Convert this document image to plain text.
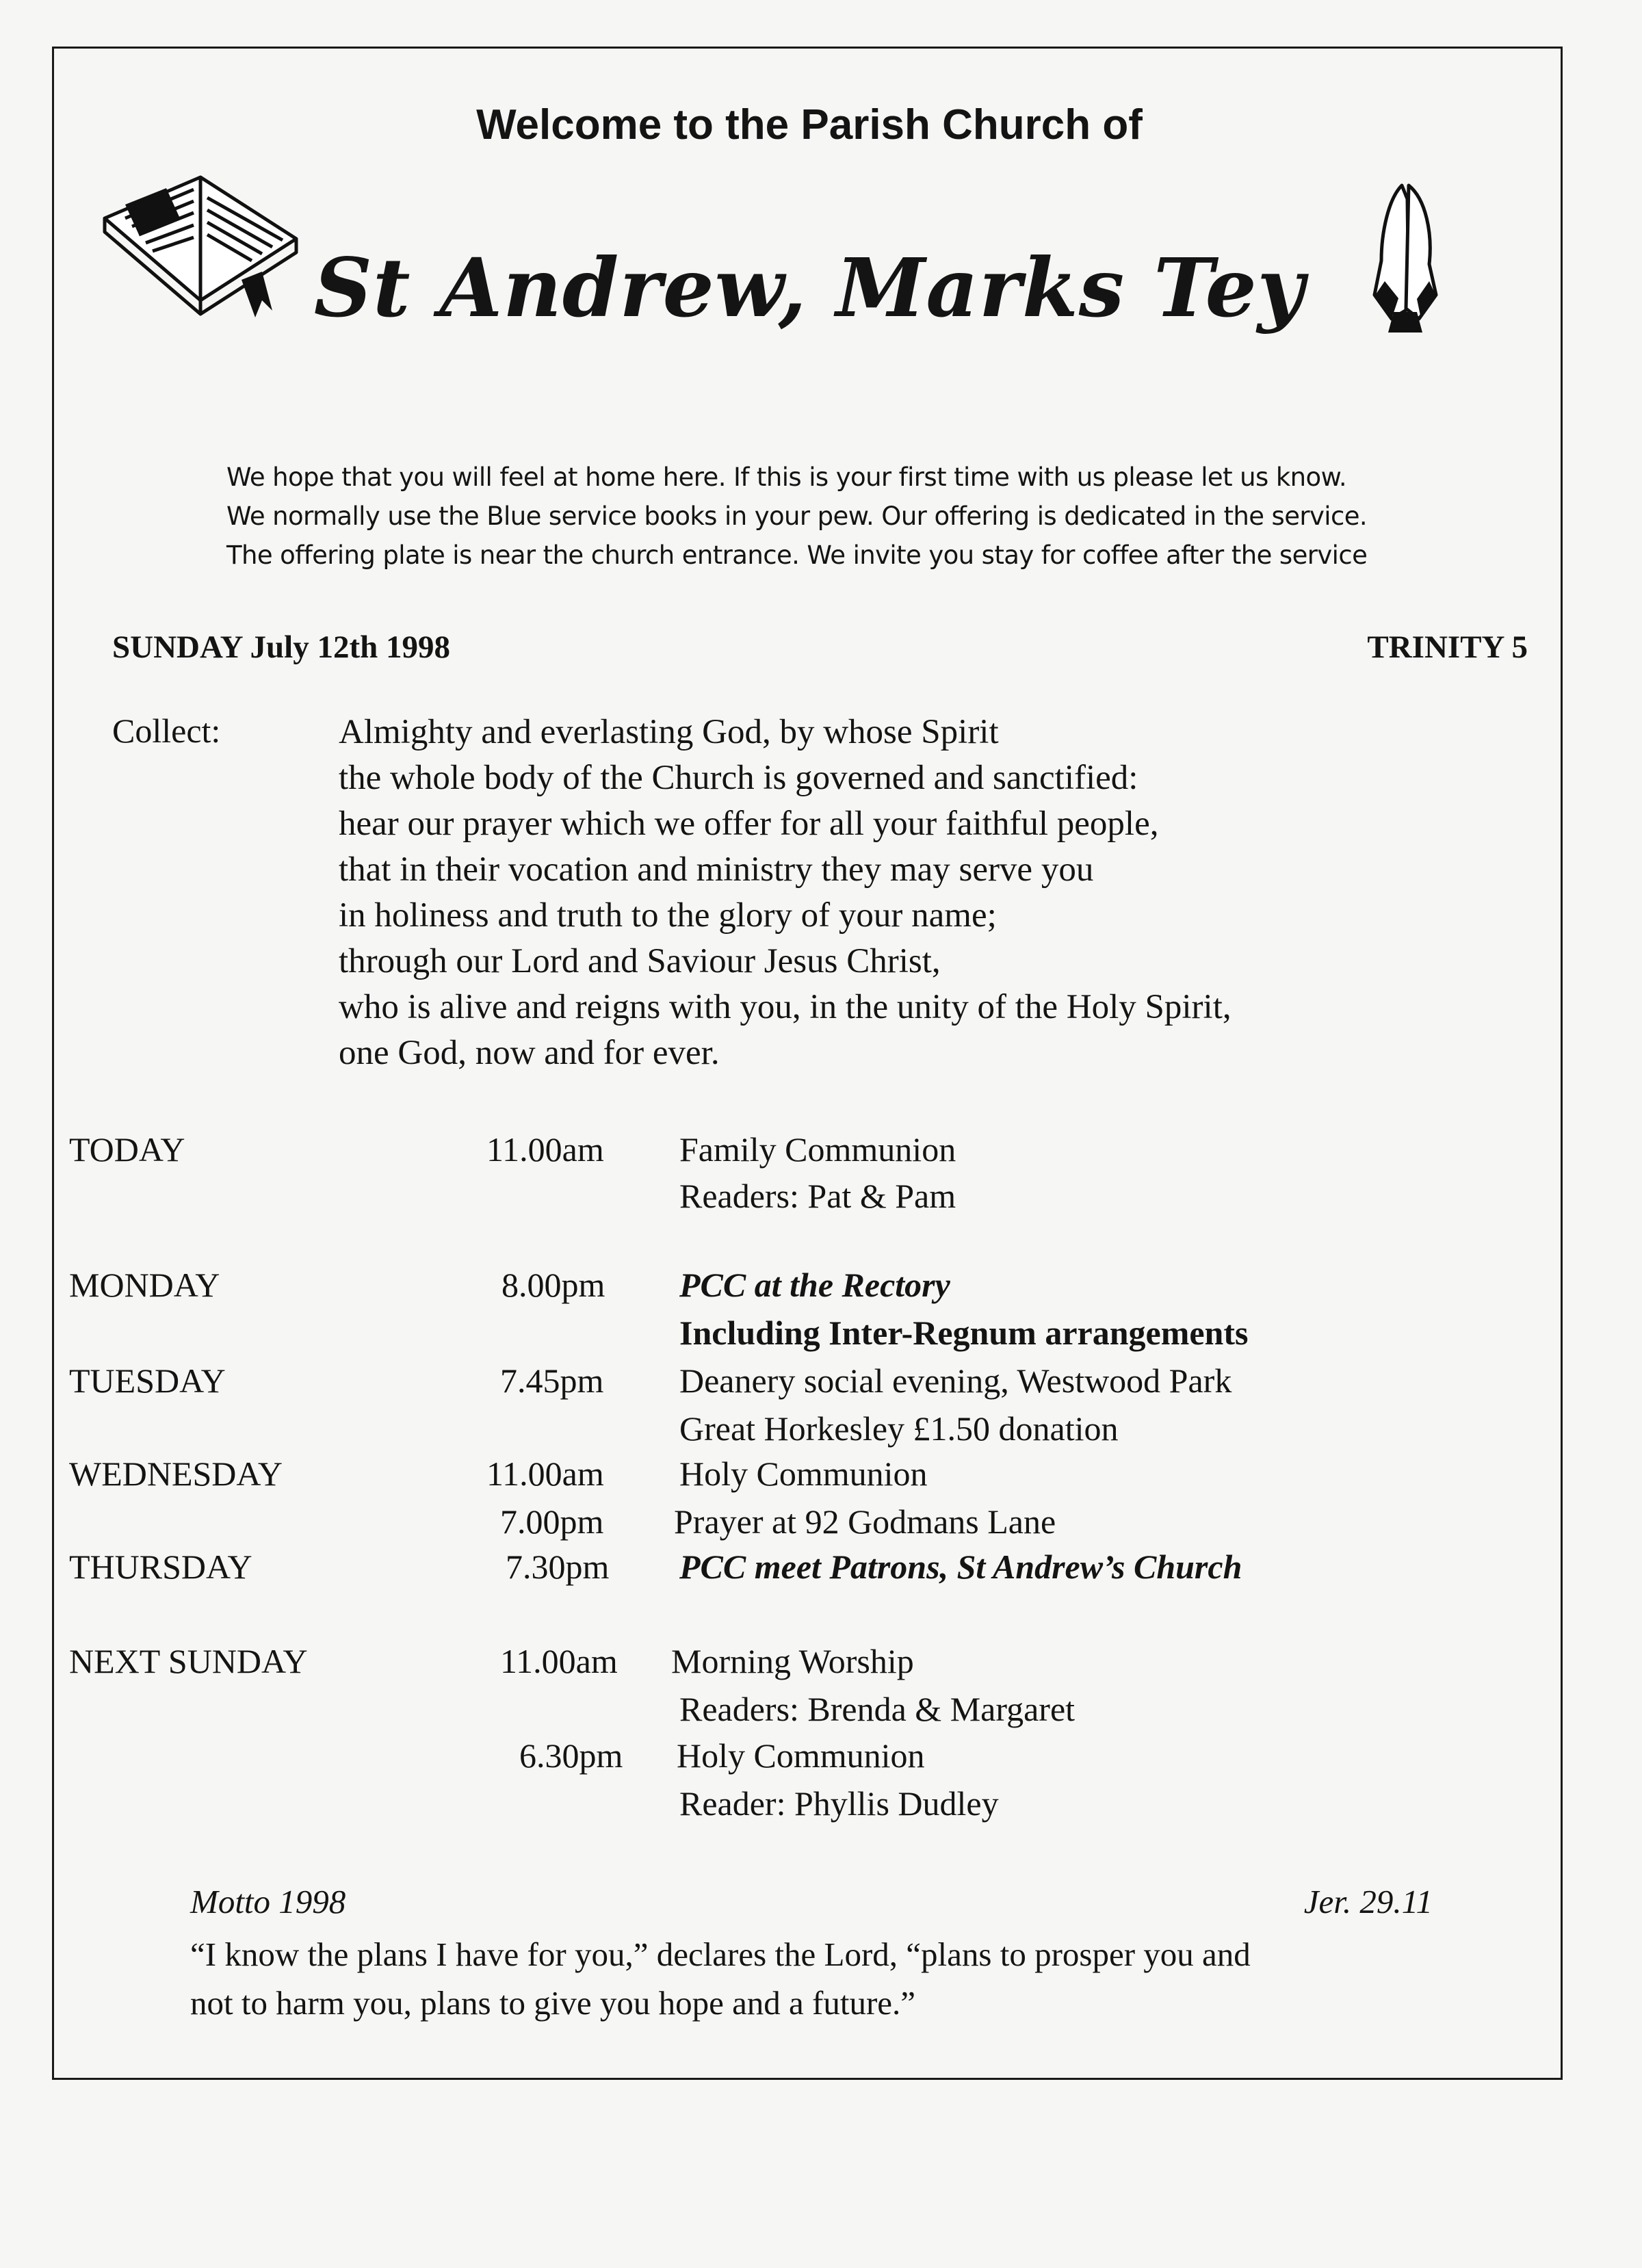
Welcome to the Parish Church of
St Andrew, Marks Tey
We hope that you will feel at home here. If this is your first time with us please let us know.
We normally use the Blue service books in your pew. Our offering is dedicated in the service.
The offering plate is near the church entrance. We invite you stay for coffee after the service
SUNDAY July 12th 1998	TRINITY 5
Collect:	Almighty and everlasting God, by whose Spirit
the whole body of the Church is governed and sanctified:
hear our prayer which we offer for all your faithful people,
that in their vocation and ministry they may serve you
in holiness and truth to the glory of your name;
through our Lord and Saviour Jesus Christ,
who is alive and reigns with you, in the unity of the Holy Spirit,
one God, now and for ever.
TODAY	11.00am Family Communion
Readers: Pat & Pam
MONDAY	8.00pm PCC at the Rectory
Including Inter-Regnum arrangements
TUESDAY	7.45pm Deanery social evening, Westwood Park
Great Horkesley £1.50 donation
WEDNESDAY	11.00am Holy Communion
7.00pm Prayer at 92 Godmans Lane
THURSDAY	7.30pm PCC meet Patrons, St Andrew’s Church
NEXT SUNDAY	11.00am Morning Worship
Readers: Brenda & Margaret
6.30pm Holy Communion
Reader: Phyllis Dudley
Motto 1998	Jer. 29.11
“I know the plans I have for you,” declares the Lord, “plans to prosper you and
not to harm you, plans to give you hope and a future.”
